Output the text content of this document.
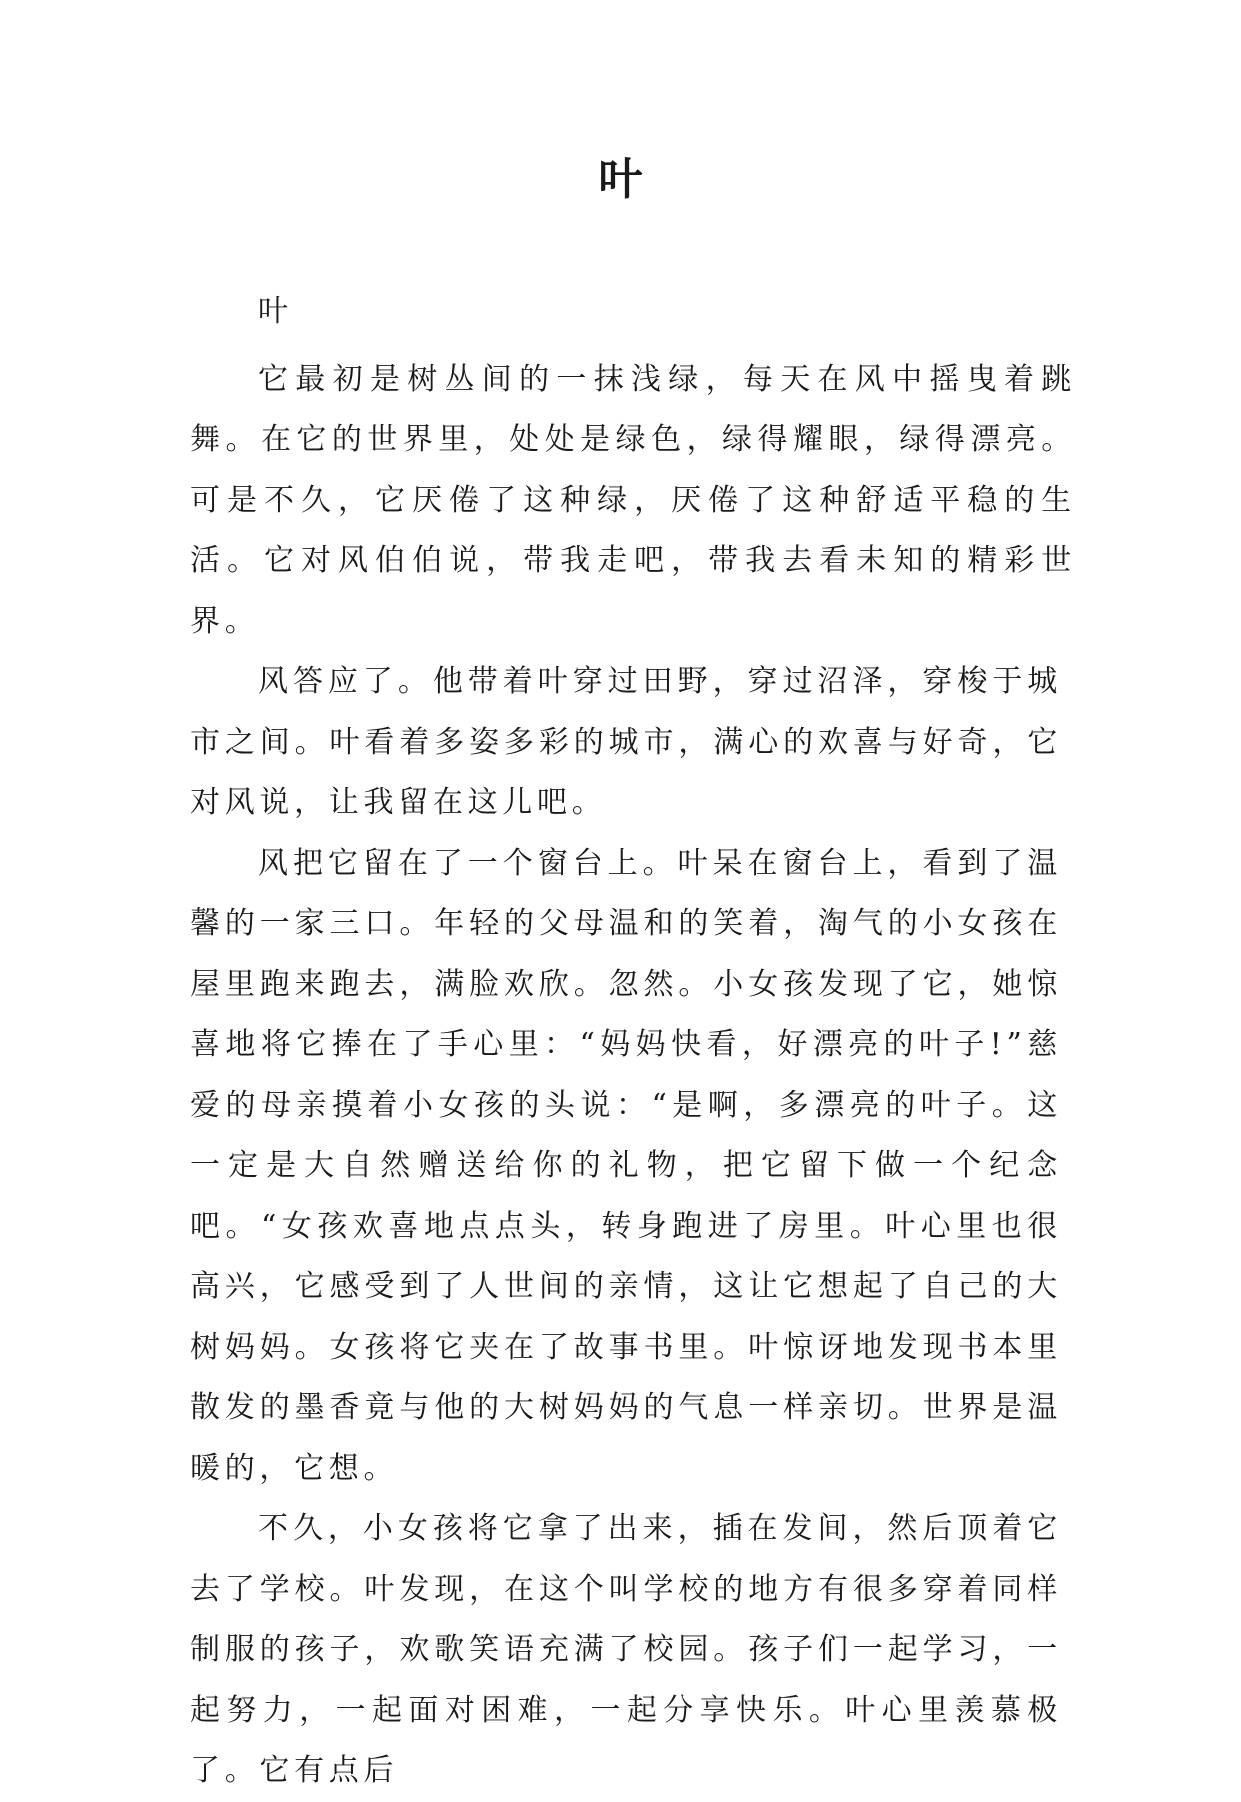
叶

叶

它最初是树丛间的一抹浅绿，每天在风中摇曳着跳舞。在它的世界里，处处是绿色，绿得耀眼，绿得漂亮。可是不久，它厌倦了这种绿，厌倦了这种舒适平稳的生活。它对风伯伯说，带我走吧，带我去看未知的精彩世界。

风答应了。他带着叶穿过田野，穿过沼泽，穿梭于城市之间。叶看着多姿多彩的城市，满心的欢喜与好奇，它对风说，让我留在这儿吧。

风把它留在了一个窗台上。叶呆在窗台上，看到了温馨的一家三口。年轻的父母温和的笑着，淘气的小女孩在屋里跑来跑去，满脸欢欣。忽然。小女孩发现了它，她惊喜地将它捧在了手心里：“妈妈快看，好漂亮的叶子!”慈爱的母亲摸着小女孩的头说：“是啊，多漂亮的叶子。这一定是大自然赠送给你的礼物，把它留下做一个纪念吧。“女孩欢喜地点点头，转身跑进了房里。叶心里也很高兴，它感受到了人世间的亲情，这让它想起了自己的大树妈妈。女孩将它夹在了故事书里。叶惊讶地发现书本里散发的墨香竟与他的大树妈妈的气息一样亲切。世界是温暖的，它想。

不久，小女孩将它拿了出来，插在发间，然后顶着它去了学校。叶发现，在这个叫学校的地方有很多穿着同样制服的孩子，欢歌笑语充满了校园。孩子们一起学习，一起努力，一起面对困难，一起分享快乐。叶心里羡慕极了。它有点后
